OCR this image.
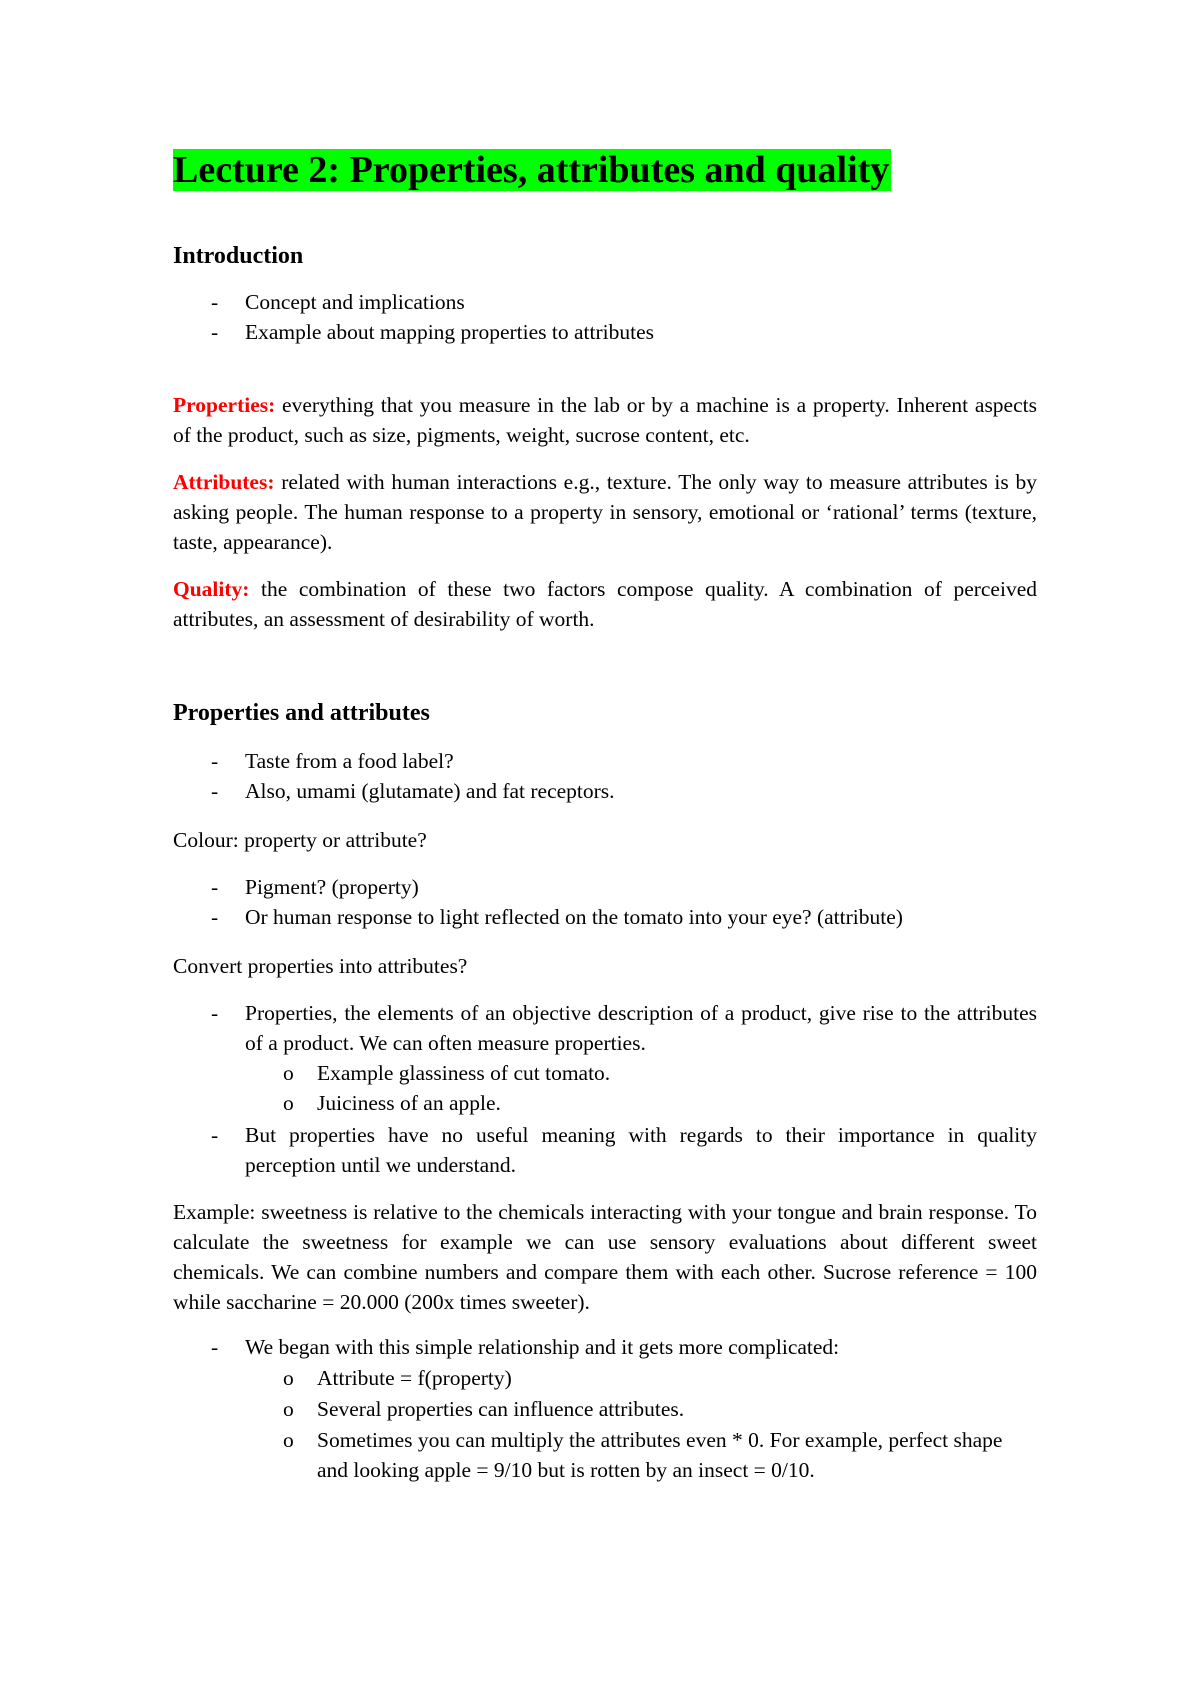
Lecture 2: Properties, attributes and quality
Introduction
- Concept and implications
- Example about mapping properties to attributes

Properties: everything that you measure in the lab or by a machine is a property. Inherent aspects of the product, such as size, pigments, weight, sucrose content, etc.

Attributes: related with human interactions e.g., texture. The only way to measure attributes is by asking people. The human response to a property in sensory, emotional or ‘rational’ terms (texture, taste, appearance).

Quality: the combination of these two factors compose quality. A combination of perceived attributes, an assessment of desirability of worth.

Properties and attributes
- Taste from a food label?
- Also, umami (glutamate) and fat receptors.

Colour: property or attribute?

- Pigment? (property)
- Or human response to light reflected on the tomato into your eye? (attribute)

Convert properties into attributes?

- Properties, the elements of an objective description of a product, give rise to the attributes of a product. We can often measure properties.
o Example glassiness of cut tomato.
o Juiciness of an apple.
- But properties have no useful meaning with regards to their importance in quality perception until we understand.

Example: sweetness is relative to the chemicals interacting with your tongue and brain response. To calculate the sweetness for example we can use sensory evaluations about different sweet chemicals. We can combine numbers and compare them with each other. Sucrose reference = 100 while saccharine = 20.000 (200x times sweeter).

- We began with this simple relationship and it gets more complicated:
o Attribute = f(property)
o Several properties can influence attributes.
o Sometimes you can multiply the attributes even * 0. For example, perfect shape and looking apple = 9/10 but is rotten by an insect = 0/10.
